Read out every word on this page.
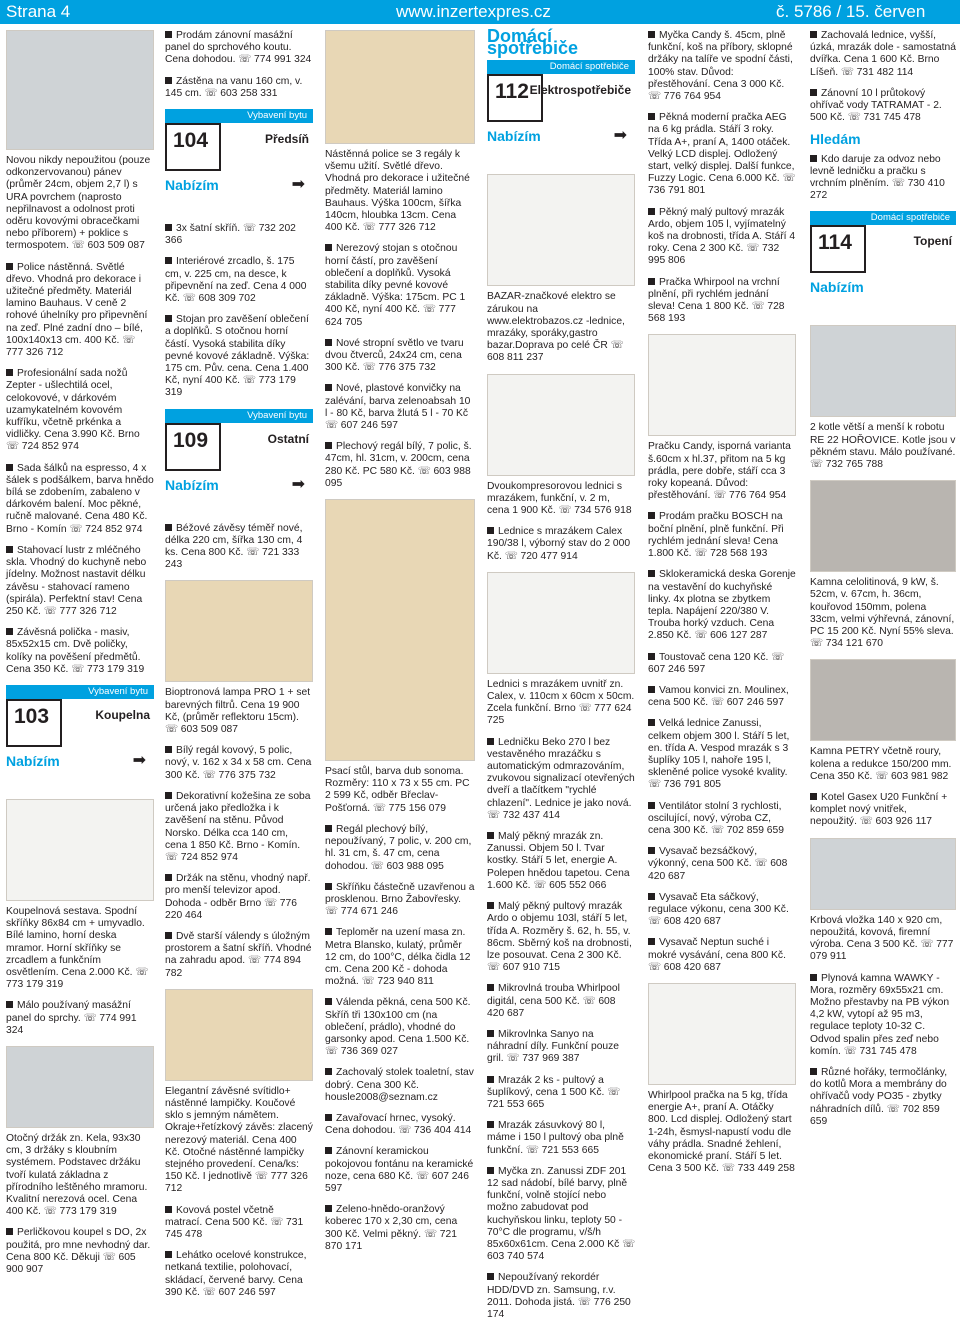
Strana 4	www.inzertexpres.cz	č. 5786 / 15. červen 2015
Novou nikdy nepoužitou (pouze odkonzervovanou) pánev (průměr 24cm, objem 2,7 l) s URA povrchem (naprosto nepřilnavost a odolnost proti oděru kovovými obracečkami nebo příborem) + poklice s termospotem. ☏ 603 509 087
Police nástěnná. Světlé dřevo. Vhodná pro dekorace i užitečné předměty. Materiál lamino Bauhaus. V ceně 2 rohové úhelníky pro připevnění na zeď. Plné zadní dno – bílé, 100x140x13 cm. 400 Kč. ☏ 777 326 712
Profesionální sada nožů Zepter - ušlechtilá ocel, celokovové, v dárkovém uzamykatelném kovovém kufříku, včetně prkénka a vidličky. Cena 3.990 Kč. Brno ☏ 724 852 974
Sada šálků na espresso, 4 x šálek s podšálkem, barva hnědo bílá se zdobením, zabaleno v dárkovém balení. Moc pěkné, ručně malované. Cena 480 Kč. Brno - Komín ☏ 724 852 974
Stahovací lustr z mléčného skla. Vhodný do kuchyně nebo jídelny. Možnost nastavit délku závěsu - stahovací rameno (spirála). Perfektní stav! Cena 250 Kč. ☏ 777 326 712
Závěsná polička - masiv, 85x52x15 cm. Dvě poličky, kolíky na pověšení předmětů. Cena 350 Kč. ☏ 773 179 319
Vybavení bytu
103	Koupelna
Nabízím	➡
Koupelnová sestava. Spodní skříňky 86x84 cm + umyvadlo. Bílé lamino, horní deska mramor. Horní skříňky se zrcadlem a funkčním osvětlením. Cena 2.000 Kč. ☏ 773 179 319
Málo používaný masážní panel do sprchy. ☏ 774 991 324
Otočný držák zn. Kela, 93x30 cm, 3 držáky s kloubním systémem. Podstavec držáku tvoří kulatá základna z přírodního leštěného mramoru. Kvalitní nerezová ocel. Cena 400 Kč. ☏ 773 179 319
Perličkovou koupel s DO, 2x použitá, pro mne nevhodný dar. Cena 800 Kč. Děkuji ☏ 605 900 907
Prodám zánovní masážní panel do sprchového koutu. Cena dohodou. ☏ 774 991 324
Zástěna na vanu 160 cm, v. 145 cm. ☏ 603 258 331
Vybavení bytu
104	Předsíň
Nabízím	➡
3x šatní skříň. ☏ 732 202 366
Interiérové zrcadlo, š. 175 cm, v. 225 cm, na desce, k připevnění na zeď. Cena 4 000 Kč. ☏ 608 309 702
Stojan pro zavěšení oblečení a doplňků. S otočnou horní částí. Vysoká stabilita díky pevné kovové základně. Výška: 175 cm. Pův. cena. Cena 1.400 Kč, nyní 400 Kč. ☏ 773 179 319
Vybavení bytu
109	Ostatní
Nabízím	➡
Béžové závěsy téměř nové, délka 220 cm, šířka 130 cm, 4 ks. Cena 800 Kč. ☏ 721 333 243
Bioptronová lampa PRO 1 + set barevných filtrů. Cena 19 900 Kč, (průměr reflektoru 15cm). ☏ 603 509 087
Bílý regál kovový, 5 polic, nový, v. 162 x 34 x 58 cm. Cena 300 Kč. ☏ 776 375 732
Dekorativní kožešina ze soba určená jako předložka i k zavěšení na stěnu. Původ Norsko. Délka cca 140 cm, cena 1 850 Kč. Brno - Komín. ☏ 724 852 974
Držák na stěnu, vhodný např. pro menší televizor apod. Dohoda - odběr Brno ☏ 776 220 464
Dvě starší válendy s úložným prostorem a šatní skříň. Vhodné na zahradu apod. ☏ 774 894 782
Elegantní závěsné svítidlo+ nástěnné lampičky. Koučové sklo s jemným námětem. Okraje+řetízkový závěs: zlacený nerezový materiál. Cena 400 Kč. Otočné nástěnné lampičky stejného provedení. Cena/ks: 150 Kč. I jednotlivě ☏ 777 326 712
Kovová postel včetně matrací. Cena 500 Kč. ☏ 731 745 478
Lehátko ocelové konstrukce, netkaná textilie, polohovací, skládací, červené barvy. Cena 390 Kč. ☏ 607 246 597
Nástěnná police se 3 regály k všemu užití. Světlé dřevo. Vhodná pro dekorace i užitečné předměty. Materiál lamino Bauhaus. Výška 100cm, šířka 140cm, hloubka 13cm. Cena 400 Kč. ☏ 777 326 712
Nerezový stojan s otočnou horní částí, pro zavěšení oblečení a doplňků. Vysoká stabilita díky pevné kovové základně. Výška: 175cm. PC 1 400 Kč, nyní 400 Kč. ☏ 777 624 705
Nové stropní světlo ve tvaru dvou čtverců, 24x24 cm, cena 300 Kč. ☏ 776 375 732
Nové, plastové konvičky na zalévání, barva zelenoabsah 10 l - 80 Kč, barva žlutá 5 l - 70 Kč ☏ 607 246 597
Plechový regál bílý, 7 polic, š. 47cm, hl. 31cm, v. 200cm, cena 280 Kč. PC 580 Kč. ☏ 603 988 095
Psací stůl, barva dub sonoma. Rozměry: 110 x 73 x 55 cm. PC 2 599 Kč, odběr Břeclav-Pošťorná. ☏ 775 156 079
Regál plechový bílý, nepoužívaný, 7 polic, v. 200 cm, hl. 31 cm, š. 47 cm, cena dohodou. ☏ 603 988 095
Skříňku částečně uzavřenou a prosklenou. Brno Žabovřesky. ☏ 774 671 246
Teploměr na uzení masa zn. Metra Blansko, kulatý, průměr 12 cm, do 100°C, délka čidla 12 cm. Cena 200 Kč - dohoda možná. ☏ 723 940 811
Válenda pěkná, cena 500 Kč. Skříň tři 130x100 cm (na oblečení, prádlo), vhodné do garsonky apod. Cena 1.500 Kč. ☏ 736 369 027
Zachovalý stolek toaletní, stav dobrý. Cena 300 Kč. housle2008@seznam.cz
Zavařovací hrnec, vysoký. Cena dohodou. ☏ 736 404 414
Zánovní keramickou pokojovou fontánu na keramické noze, cena 680 Kč. ☏ 607 246 597
Zeleno-hnědo-oranžový koberec 170 x 2,30 cm, cena 300 Kč. Velmi pěkný. ☏ 721 870 171
Domácí spotřebiče
Domácí spotřebiče
112 Elektrospotřebiče
Nabízím	➡
BAZAR-značkové elektro se zárukou na www.elektrobazos.cz -lednice, mrazáky, sporáky,gastro bazar.Doprava po celé ČR ☏ 608 811 237
Dvoukompresorovou lednici s mrazákem, funkční, v. 2 m, cena 1 900 Kč. ☏ 734 576 918
Lednice s mrazákem Calex 190/38 l, výborný stav do 2 000 Kč. ☏ 720 477 914
Lednici s mrazákem uvnitř zn. Calex, v. 110cm x 60cm x 50cm. Zcela funkční. Brno ☏ 777 624 725
Ledničku Beko 270 l bez vestavěného mrazáčku s automatickým odmrazováním, zvukovou signalizací otevřených dveří a tlačítkem "rychlé chlazení". Lednice je jako nová. ☏ 732 437 414
Malý pěkný mrazák zn. Zanussi. Objem 50 l. Tvar kostky. Stáří 5 let, energie A. Polepen hnědou tapetou. Cena 1.600 Kč. ☏ 605 552 066
Malý pěkný pultový mrazák Ardo o objemu 103l, stáří 5 let, třída A. Rozměry š. 62, h. 55, v. 86cm. Sběrný koš na drobnosti, lze posouvat. Cena 2 300 Kč. ☏ 607 910 715
Mikrovlná trouba Whirlpool digitál, cena 500 Kč. ☏ 608 420 687
Mikrovlnka Sanyo na náhradní díly. Funkční pouze gril. ☏ 737 969 387
Mrazák 2 ks - pultový a šuplíkový, cena 1 500 Kč. ☏ 721 553 665
Mrazák zásuvkový 80 l, máme i 150 l pultový oba plně funkční. ☏ 721 553 665
Myčka zn. Zanussi ZDF 201 12 sad nádobí, bílé barvy, plně funkční, volně stojící nebo možno zabudovat pod kuchyňskou linku, teploty 50 - 70°C dle programu, v/š/h 85x60x61cm. Cena 2.000 Kč ☏ 603 740 574
Nepoužívaný rekordér HDD/DVD zn. Samsung, r.v. 2011. Dohoda jistá. ☏ 776 250 174
Myčka Candy š. 45cm, plně funkční, koš na příbory, sklopné držáky na talíře ve spodní části, 100% stav. Důvod: přestěhování. Cena 3 000 Kč. ☏ 776 764 954
Pěkná moderní pračka AEG na 6 kg prádla. Stáří 3 roky. Třída A+, praní A, 1400 otáček. Velký LCD displej. Odložený start, velký displej. Další funkce, Fuzzy Logic. Cena 6.000 Kč. ☏ 736 791 801
Pěkný malý pultový mrazák Ardo, objem 105 l, vyjímatelný koš na drobnosti, třída A. Stáří 4 roky. Cena 2 300 Kč. ☏ 732 995 806
Pračka Whirpool na vrchní plnění, při rychlém jednání sleva! Cena 1 800 Kč. ☏ 728 568 193
Pračku Candy, isporná varianta š.60cm x hl.37, přitom na 5 kg prádla, pere dobře, stáří cca 3 roky kopeaná. Důvod: přestěhování. ☏ 776 764 954
Prodám pračku BOSCH na boční plnění, plně funkční. Při rychlém jednání sleva! Cena 1.800 Kč. ☏ 728 568 193
Sklokeramická deska Gorenje na vestavění do kuchyňské linky. 4x plotna se zbytkem tepla. Napájení 220/380 V. Trouba horký vzduch. Cena 2.850 Kč. ☏ 606 127 287
Toustovač cena 120 Kč. ☏ 607 246 597
Vamou konvici zn. Moulinex, cena 500 Kč. ☏ 607 246 597
Velká lednice Zanussi, celkem objem 300 l. Stáří 5 let, en. třída A. Vespod mrazák s 3 šuplíky 105 l, nahoře 195 l, skleněné police vysoké kvality. ☏ 736 791 805
Ventilátor stolní 3 rychlosti, oscilující, nový, výroba CZ, cena 300 Kč. ☏ 702 859 659
Vysavač bezsáčkový, výkonný, cena 500 Kč. ☏ 608 420 687
Vysavač Eta sáčkový, regulace výkonu, cena 300 Kč. ☏ 608 420 687
Vysavač Neptun suché i mokré vysávání, cena 800 Kč. ☏ 608 420 687
Whirlpool pračka na 5 kg, třída energie A+, praní A. Otáčky 800. Lcd displej. Odložený start 1-24h, ěsmysl-napustí vodu dle váhy prádla. Snadné žehlení, ekonomické praní. Stáří 5 let. Cena 3 500 Kč. ☏ 733 449 258
Zachovalá lednice, vyšší, úzká, mrazák dole - samostatná dvířka. Cena 1 600 Kč. Brno Líšeň. ☏ 731 482 114
Zánovní 10 l průtokový ohřívač vody TATRAMAT - 2. 500 Kč. ☏ 731 745 478
Hledám
Kdo daruje za odvoz nebo levně ledničku a pračku s vrchním plněním. ☏ 730 410 272
Domácí spotřebiče
114	Topení
Nabízím
2 kotle větší a menší k robotu RE 22 HOŘOVICE. Kotle jsou v pěkném stavu. Málo používané. ☏ 732 765 788
Kamna celolitinová, 9 kW, š. 52cm, v. 67cm, h. 36cm, kouřovod 150mm, polena 33cm, velmi výhřevná, zánovní, PC 15 200 Kč. Nyní 55% sleva. ☏ 734 121 670
Kamna PETRY včetně roury, kolena a redukce 150/200 mm. Cena 350 Kč. ☏ 603 981 982
Kotel Gasex U20 Funkční + komplet nový vnitřek, nepoužitý. ☏ 603 926 117
Krbová vložka 140 x 920 cm, nepoužitá, kovová, firemní výroba. Cena 3 500 Kč. ☏ 777 079 911
Plynová kamna WAWKY - Mora, rozměry 69x55x21 cm. Možno přestavby na PB výkon 4,2 kW, vytopí až 95 m3, regulace teploty 10-32 C. Odvod spalin přes zeď nebo komín. ☏ 731 745 478
Různé hořáky, termočlánky, do kotlů Mora a membrány do ohřívačů vody PO35 - zbytky náhradních dílů. ☏ 702 859 659
